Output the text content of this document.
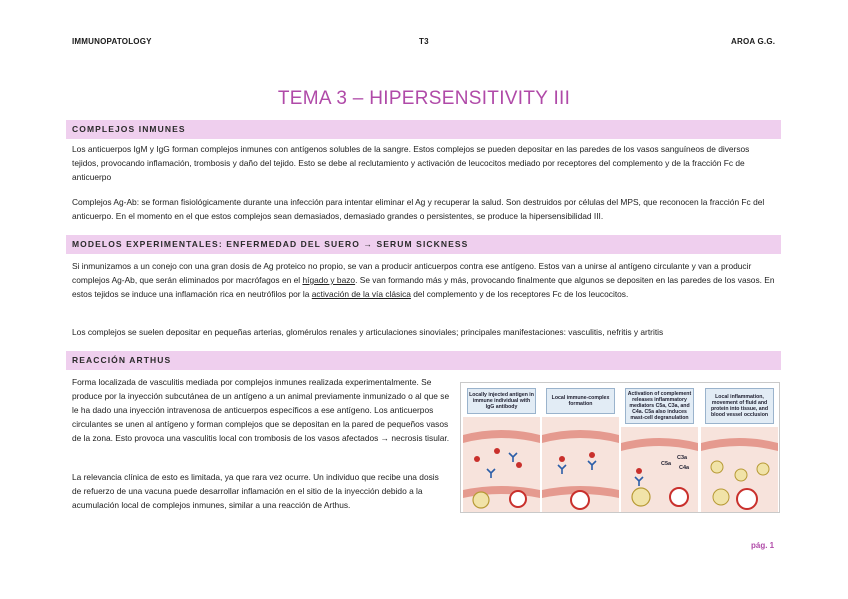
IMMUNOPATOLOGY	T3	AROA G.G.
TEMA 3 – HIPERSENSITIVITY III
COMPLEJOS INMUNES

Los anticuerpos IgM y IgG forman complejos inmunes con antígenos solubles de la sangre. Estos complejos se pueden depositar en las paredes de los vasos sanguíneos de diversos tejidos, provocando inflamación, trombosis y daño del tejido. Esto se debe al reclutamiento y activación de leucocitos mediado por receptores del complemento y de la fracción Fc de anticuerpo

Complejos Ag-Ab: se forman fisiológicamente durante una infección para intentar eliminar el Ag y recuperar la salud. Son destruidos por células del MPS, que reconocen la fracción Fc del anticuerpo. En el momento en el que estos complejos sean demasiados, demasiado grandes o persistentes, se produce la hipersensibilidad III.

MODELOS EXPERIMENTALES: ENFERMEDAD DEL SUERO → SERUM SICKNESS

Si inmunizamos a un conejo con una gran dosis de Ag proteico no propio, se van a producir anticuerpos contra ese antígeno. Estos van a unirse al antígeno circulante y van a producir complejos Ag-Ab, que serán eliminados por macrófagos en el hígado y bazo. Se van formando más y más, provocando finalmente que algunos se depositen en las paredes de los vasos. En estos tejidos se induce una inflamación rica en neutrófilos por la activación de la vía clásica del complemento y de los receptores Fc de los leucocitos.

Los complejos se suelen depositar en pequeñas arterias, glomérulos renales y articulaciones sinoviales; principales manifestaciones: vasculitis, nefritis y artritis

REACCIÓN ARTHUS

Forma localizada de vasculitis mediada por complejos inmunes realizada experimentalmente. Se produce por la inyección subcutánea de un antígeno a un animal previamente inmunizado o al que se le ha dado una inyección intravenosa de anticuerpos específicos a ese antígeno. Los anticuerpos circulantes se unen al antígeno y forman complejos que se depositan en la pared de pequeños vasos de la zona. Esto provoca una vasculitis local con trombosis de los vasos afectados → necrosis tisular.

La relevancia clínica de esto es limitada, ya que rara vez ocurre. Un individuo que recibe una dosis de refuerzo de una vacuna puede desarrollar inflamación en el sitio de la inyección debido a la acumulación local de complejos inmunes, similar a una reacción de Arthus.

Locally injected antigen in immune individual with IgG antibody
Local immune-complex formation
Activation of complement releases inflammatory mediators C5a, C3a, and C4a. C5a also induces mast-cell degranulation
C5a
C3a
C4a
Local inflammation, movement of fluid and protein into tissue, and blood vessel occlusion
pág. 1
